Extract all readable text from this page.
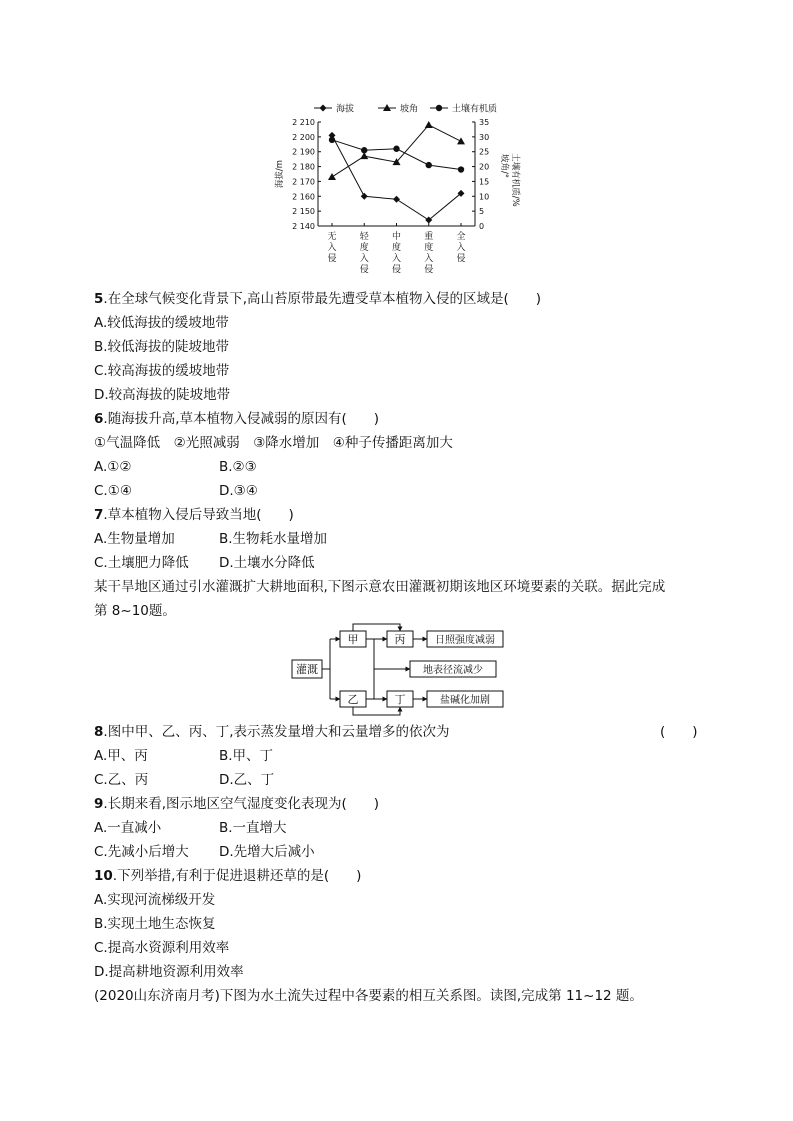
海拔	坡角	土壤有机质
2 210
2 200
2 190
2 180
2 170
2 160
2 150
2 140
35
30
25
20
15
10
5
0
海拔/m	坡角/° 土壤有机质/%
无入侵
轻度入侵
中度入侵
重度入侵
全入侵
5.在全球气候变化背景下,高山苔原带最先遭受草本植物入侵的区域是(　　)
A.较低海拔的缓坡地带
B.较低海拔的陡坡地带
C.较高海拔的缓坡地带
D.较高海拔的陡坡地带
6.随海拔升高,草本植物入侵减弱的原因有(　　)
①气温降低　②光照减弱　③降水增加　④种子传播距离加大
A.①②	B.②③
C.①④	D.③④
7.草本植物入侵后导致当地(　　)
A.生物量增加	B.生物耗水量增加
C.土壤肥力降低 D.土壤水分降低
某干旱地区通过引水灌溉扩大耕地面积,下图示意农田灌溉初期该地区环境要素的关联。据此完成
第 8~10题。
灌溉
甲
乙
丙
丁
日照强度减弱
地表径流减少
盐碱化加剧
8.图中甲、乙、丙、丁,表示蒸发量增大和云量增多的依次为	(　　)
A.甲、丙	B.甲、丁
C.乙、丙	D.乙、丁
9.长期来看,图示地区空气湿度变化表现为(　　)
A.一直减小	B.一直增大
C.先减小后增大 D.先增大后减小
10.下列举措,有利于促进退耕还草的是(　　)
A.实现河流梯级开发
B.实现土地生态恢复
C.提高水资源利用效率
D.提高耕地资源利用效率
(2020山东济南月考)下图为水土流失过程中各要素的相互关系图。读图,完成第 11~12 题。
